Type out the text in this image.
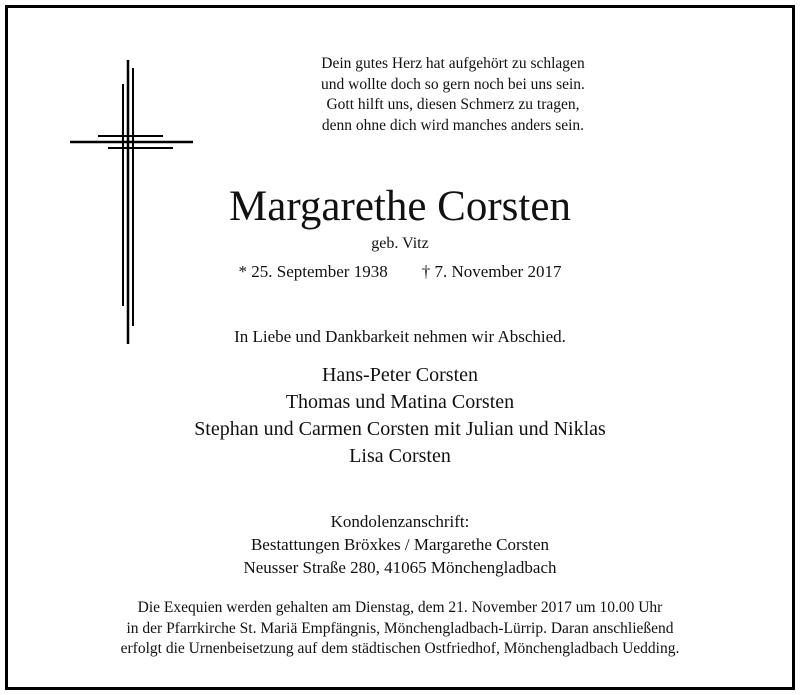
Dein gutes Herz hat aufgehört zu schlagen
und wollte doch so gern noch bei uns sein.
Gott hilft uns, diesen Schmerz zu tragen,
denn ohne dich wird manches anders sein.
Margarethe Corsten
geb. Vitz
* 25. September 1938 † 7. November 2017
In Liebe und Dankbarkeit nehmen wir Abschied.
Hans-Peter Corsten
Thomas und Matina Corsten
Stephan und Carmen Corsten mit Julian und Niklas
Lisa Corsten
Kondolenzanschrift:
Bestattungen Bröxkes / Margarethe Corsten
Neusser Straße 280, 41065 Mönchengladbach
Die Exequien werden gehalten am Dienstag, dem 21. November 2017 um 10.00 Uhr
in der Pfarrkirche St. Mariä Empfängnis, Mönchengladbach-Lürrip. Daran anschließend
erfolgt die Urnenbeisetzung auf dem städtischen Ostfriedhof, Mönchengladbach Uedding.
